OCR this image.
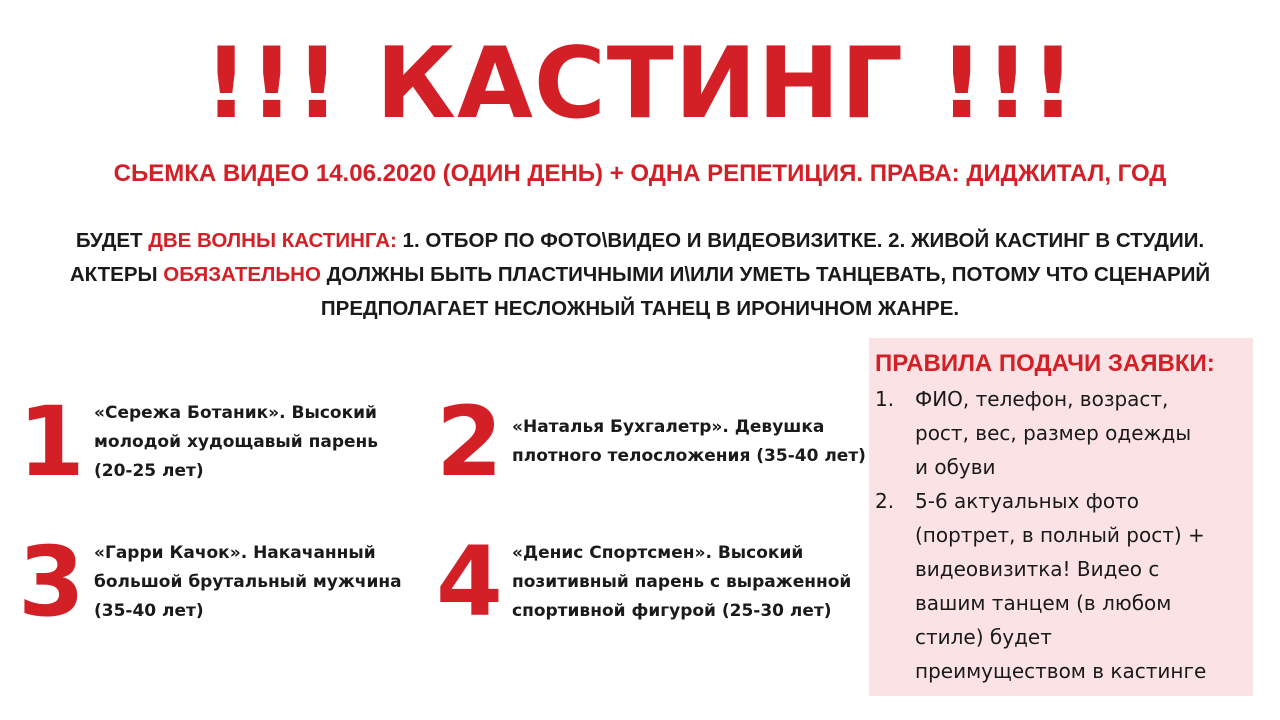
!!! КАСТИНГ !!!
СЬЕМКА ВИДЕО 14.06.2020 (ОДИН ДЕНЬ) + ОДНА РЕПЕТИЦИЯ. ПРАВА: ДИДЖИТАЛ, ГОД
БУДЕТ ДВЕ ВОЛНЫ КАСТИНГА: 1. ОТБОР ПО ФОТО\ВИДЕО И ВИДЕОВИЗИТКЕ. 2. ЖИВОЙ КАСТИНГ В СТУДИИ.
АКТЕРЫ ОБЯЗАТЕЛЬНО ДОЛЖНЫ БЫТЬ ПЛАСТИЧНЫМИ И\ИЛИ УМЕТЬ ТАНЦЕВАТЬ, ПОТОМУ ЧТО СЦЕНАРИЙ
ПРЕДПОЛАГАЕТ НЕСЛОЖНЫЙ ТАНЕЦ В ИРОНИЧНОМ ЖАНРЕ.
1 «Сережа Ботаник». Высокий
молодой худощавый парень
(20-25 лет)	2 «Наталья Бухгалетр». Девушка
плотного телосложения (35-40 лет)
3 «Гарри Качок». Накачанный
большой брутальный мужчина
(35-40 лет)	4 «Денис Спортсмен». Высокий
позитивный парень с выраженной
спортивной фигурой (25-30 лет)
ПРАВИЛА ПОДАЧИ ЗАЯВКИ:
1.	ФИО, телефон, возраст,
рост, вес, размер одежды
и обуви
2.	5-6 актуальных фото
(портрет, в полный рост) +
видеовизитка! Видео с
вашим танцем (в любом
стиле) будет
преимуществом в кастинге
